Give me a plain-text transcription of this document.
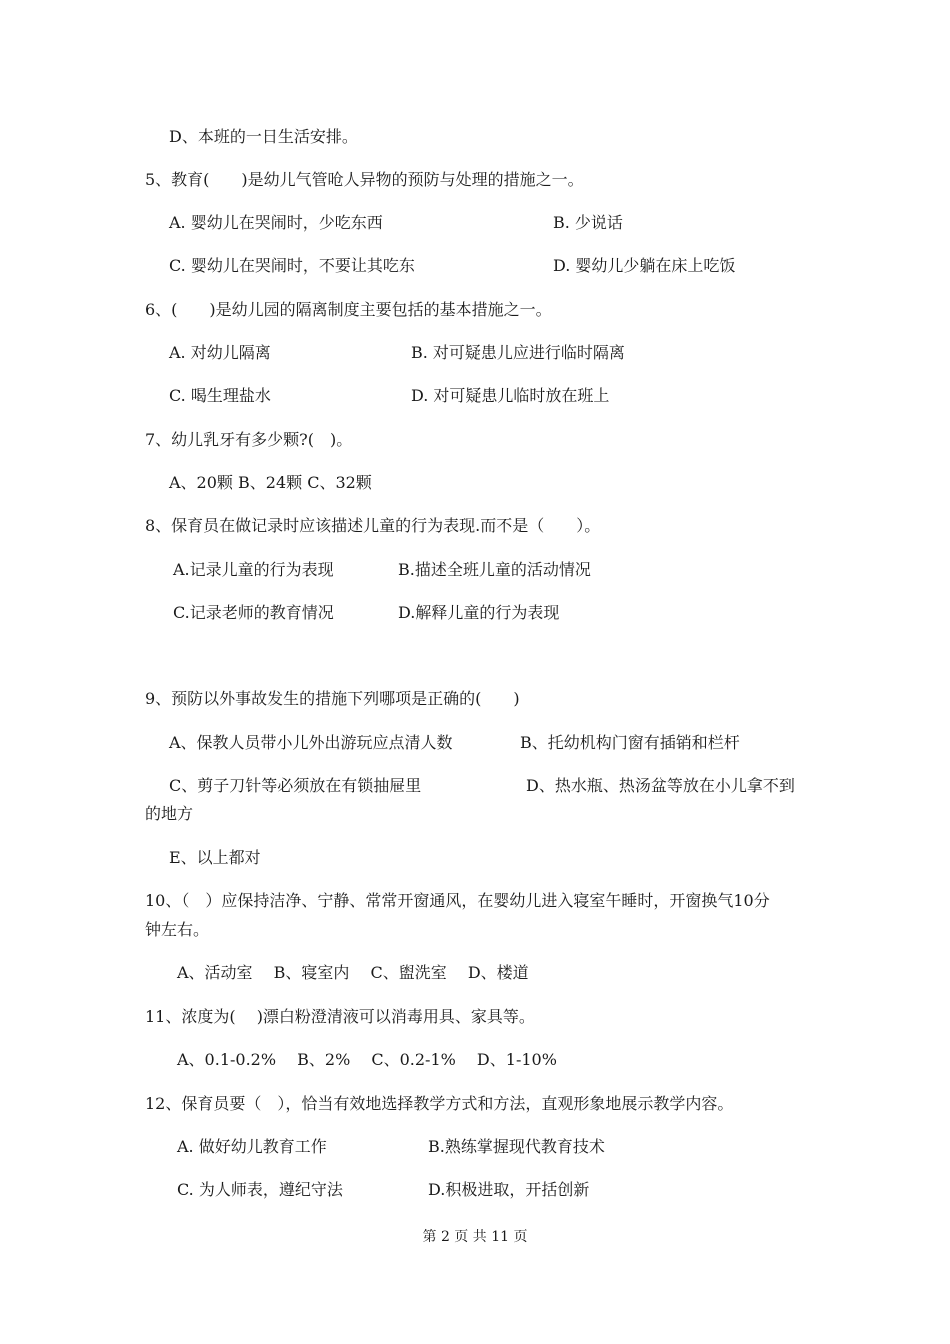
D、本班的一日生活安排。
5、教育(　　)是幼儿气管呛人异物的预防与处理的措施之一。
A. 婴幼儿在哭闹时，少吃东西	B. 少说话
C. 婴幼儿在哭闹时，不要让其吃东	D. 婴幼儿少躺在床上吃饭
6、(　　)是幼儿园的隔离制度主要包括的基本措施之一。
A. 对幼儿隔离	B. 对可疑患儿应进行临时隔离
C. 喝生理盐水	D. 对可疑患儿临时放在班上
7、幼儿乳牙有多少颗?(　)。
A、20颗 B、24颗 C、32颗
8、保育员在做记录时应该描述儿童的行为表现.而不是（　　）。
A.记录儿童的行为表现	B.描述全班儿童的活动情况
C.记录老师的教育情况	D.解释儿童的行为表现
9、预防以外事故发生的措施下列哪项是正确的(　　)
A、保教人员带小儿外出游玩应点清人数	B、托幼机构门窗有插销和栏杆
C、剪子刀针等必须放在有锁抽屉里	D、热水瓶、热汤盆等放在小儿拿不到
的地方
E、以上都对
10、（　）应保持洁净、宁静、常常开窗通风，在婴幼儿进入寝室午睡时，开窗换气10分
钟左右。
A、活动室　 B、寝室内　 C、盥洗室　 D、楼道
11、浓度为(　 )漂白粉澄清液可以消毒用具、家具等。
A、0.1-0.2%　 B、2%　 C、0.2-1%　 D、1-10%
12、保育员要（　），恰当有效地选择教学方式和方法，直观形象地展示教学内容。
A. 做好幼儿教育工作	B.熟练掌握现代教育技术
C. 为人师表，遵纪守法	D.积极进取，开括创新
第 2 页 共 11 页
